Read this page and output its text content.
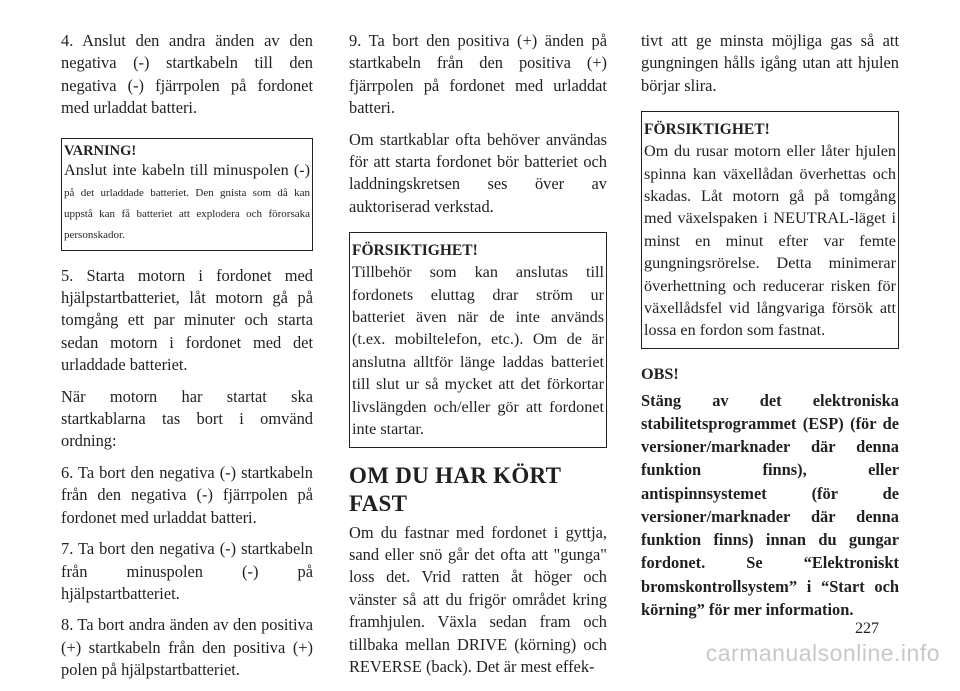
4. Anslut den andra änden av den negativa (-) startkabeln till den negativa (-) fjärrpolen på fordonet med urladdat batteri.

VARNING!
Anslut inte kabeln till minuspolen (-) på det urladdade batteriet. Den gnista som då kan uppstå kan få batteriet att explodera och förorsaka personskador.

5. Starta motorn i fordonet med hjälpstartbatteriet, låt motorn gå på tomgång ett par minuter och starta sedan motorn i fordonet med det urladdade batteriet.

När motorn har startat ska startkablarna tas bort i omvänd ordning:

6. Ta bort den negativa (-) startkabeln från den negativa (-) fjärrpolen på fordonet med urladdat batteri.

7. Ta bort den negativa (-) startkabeln från minuspolen (-) på hjälpstartbatteriet.

8. Ta bort andra änden av den positiva (+) startkabeln från den positiva (+) polen på hjälpstartbatteriet.

9. Ta bort den positiva (+) änden på startkabeln från den positiva (+) fjärrpolen på fordonet med urladdat batteri.

Om startkablar ofta behöver användas för att starta fordonet bör batteriet och laddningskretsen ses över av auktoriserad verkstad.

FÖRSIKTIGHET!
Tillbehör som kan anslutas till fordonets eluttag drar ström ur batteriet även när de inte används (t.ex. mobiltelefon, etc.). Om de är anslutna alltför länge laddas batteriet till slut ur så mycket att det förkortar livslängden och/eller gör att fordonet inte startar.
OM DU HAR KÖRT FAST

Om du fastnar med fordonet i gyttja, sand eller snö går det ofta att "gunga" loss det. Vrid ratten åt höger och vänster så att du frigör området kring framhjulen. Växla sedan fram och tillbaka mellan DRIVE (körning) och REVERSE (back). Det är mest effek-

tivt att ge minsta möjliga gas så att gungningen hålls igång utan att hjulen börjar slira.

FÖRSIKTIGHET!
Om du rusar motorn eller låter hjulen spinna kan växellådan överhettas och skadas. Låt motorn gå på tomgång med växelspaken i NEUTRAL-läget i minst en minut efter var femte gungningsrörelse. Detta minimerar överhettning och reducerar risken för växellådsfel vid långvariga försök att lossa en fordon som fastnat.
OBS!
Stäng av det elektroniska stabilitetsprogrammet (ESP) (för de versioner/marknader där denna funktion finns), eller antispinnsystemet (för de versioner/marknader där denna funktion finns) innan du gungar fordonet. Se “Elektroniskt bromskontrollsystem” i “Start och körning” för mer information.
227
carmanualsonline.info
